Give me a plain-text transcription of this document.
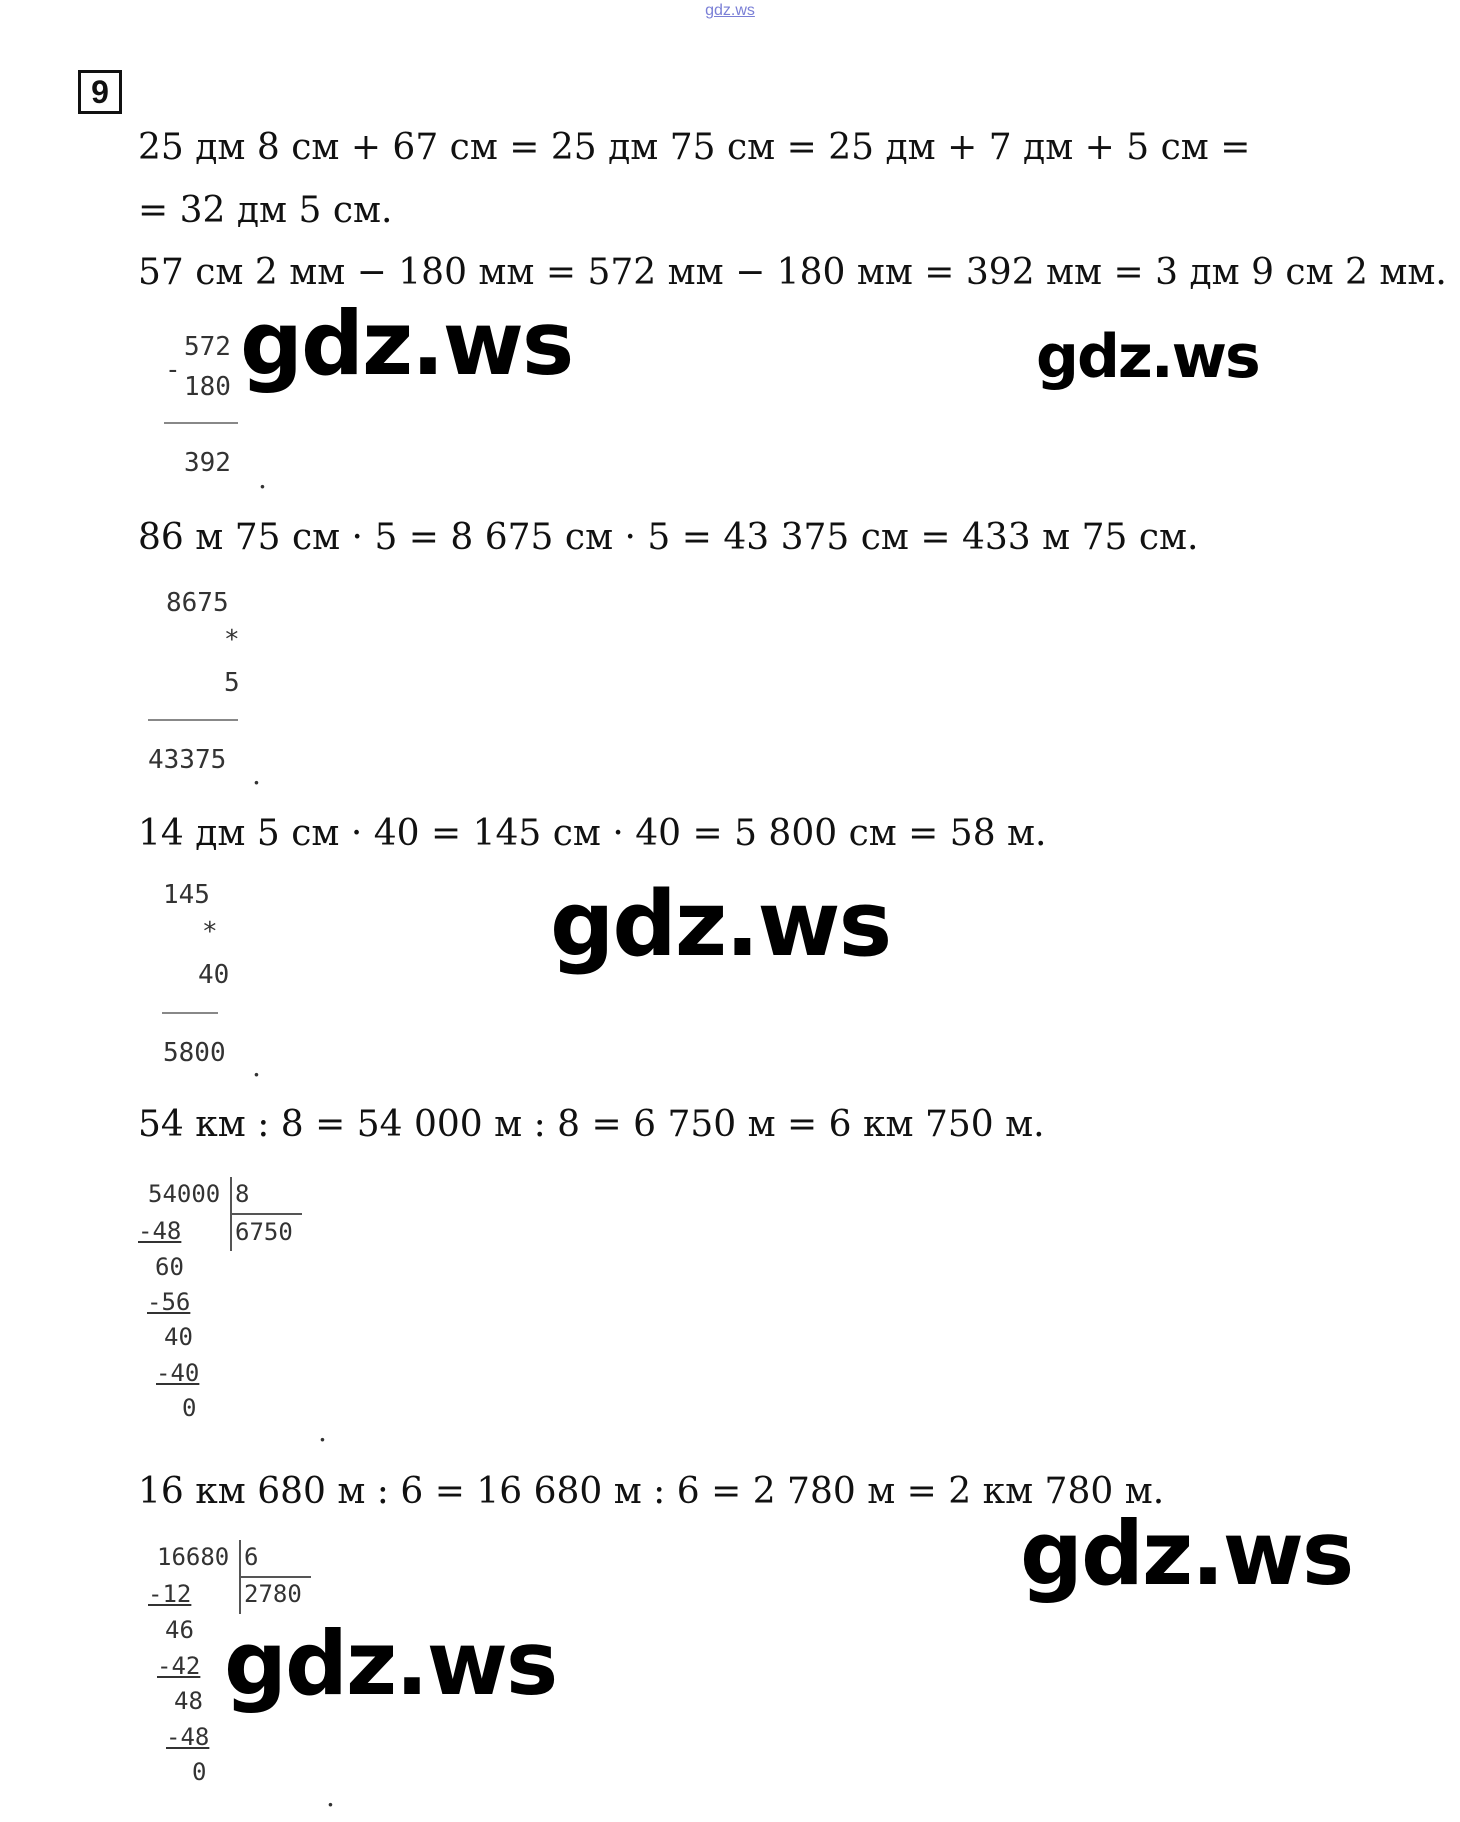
gdz.ws
9
25 дм 8 см + 67 см = 25 дм 75 см = 25 дм + 7 дм + 5 см =
= 32 дм 5 см.
57 см 2 мм − 180 мм = 572 мм − 180 мм = 392 мм = 3 дм 9 см 2 мм.
-
572
180
392 .
86 м 75 см · 5 = 8 675 см · 5 = 43 375 см = 433 м 75 см.
8675
*
5
43375 .
14 дм 5 см · 40 = 145 см · 40 = 5 800 см = 58 м.
145
*
40
5800 .
54 км : 8 = 54 000 м : 8 = 6 750 м = 6 км 750 м.
54000 8
6750
-48
60
-56
40
-40
0
.
16 км 680 м : 6 = 16 680 м : 6 = 2 780 м = 2 км 780 м.
16680 6
2780
-12
46
-42
48
-48
0
.
gdz.ws	gdz.ws
gdz.ws
gdz.ws
gdz.ws
